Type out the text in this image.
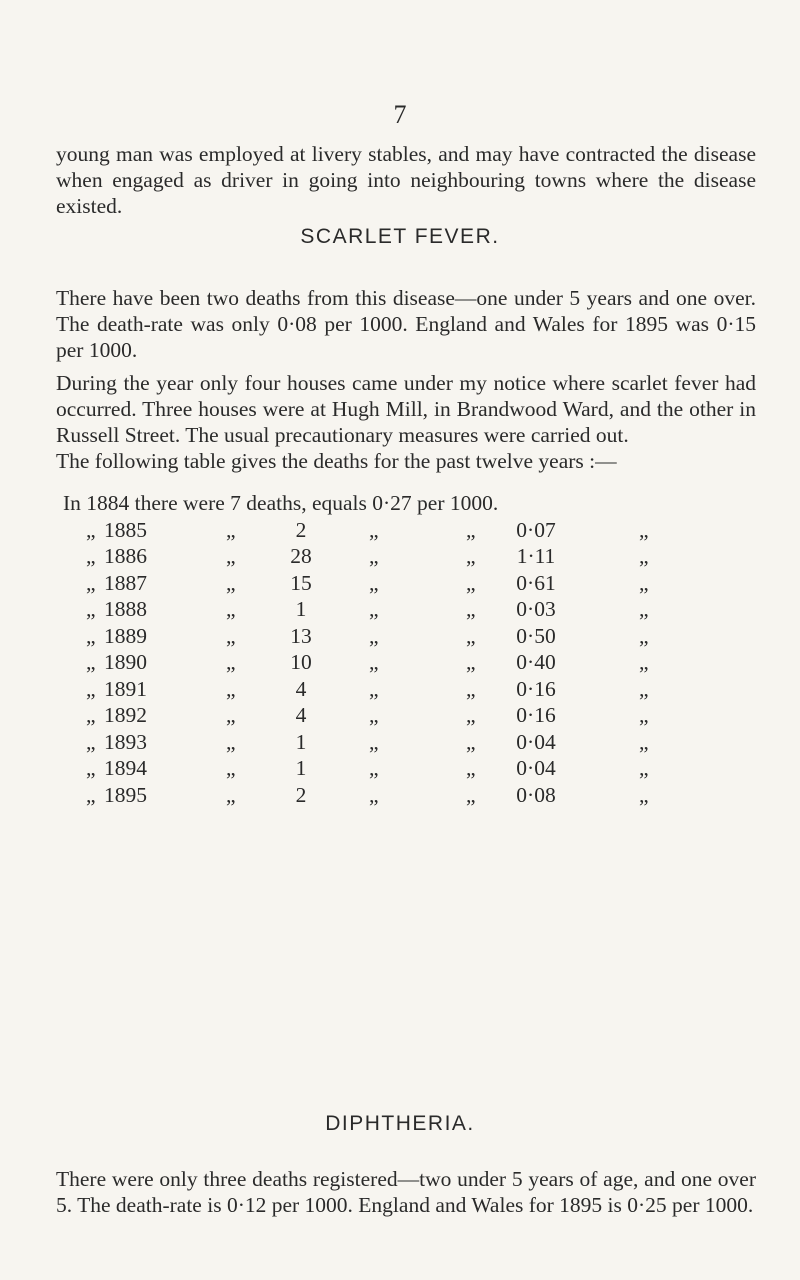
7

young man was employed at livery stables, and may have contracted the disease when engaged as driver in going into neighbouring towns where the disease existed.

SCARLET FEVER.

There have been two deaths from this disease—one under 5 years and one over. The death-rate was only 0·08 per 1000. England and Wales for 1895 was 0·15 per 1000.

During the year only four houses came under my notice where scarlet fever had occurred. Three houses were at Hugh Mill, in Brandwood Ward, and the other in Russell Street. The usual precautionary measures were carried out.

The following table gives the deaths for the past twelve years :—

In 1884 there were 7 deaths, equals 0·27 per 1000.
„ 1885	„	2	„	„	0·07	„
„ 1886	„	28	„	„	1·11	„
„ 1887	„	15	„	„	0·61	„
„ 1888	„	1	„	„	0·03	„
„ 1889	„	13	„	„	0·50	„
„ 1890	„	10	„	„	0·40	„
„ 1891	„	4	„	„	0·16	„
„ 1892	„	4	„	„	0·16	„
„ 1893	„	1	„	„	0·04	„
„ 1894	„	1	„	„	0·04	„
„ 1895	„	2	„	„	0·08	„
DIPHTHERIA.

There were only three deaths registered—two under 5 years of age, and one over 5. The death-rate is 0·12 per 1000. England and Wales for 1895 is 0·25 per 1000.
